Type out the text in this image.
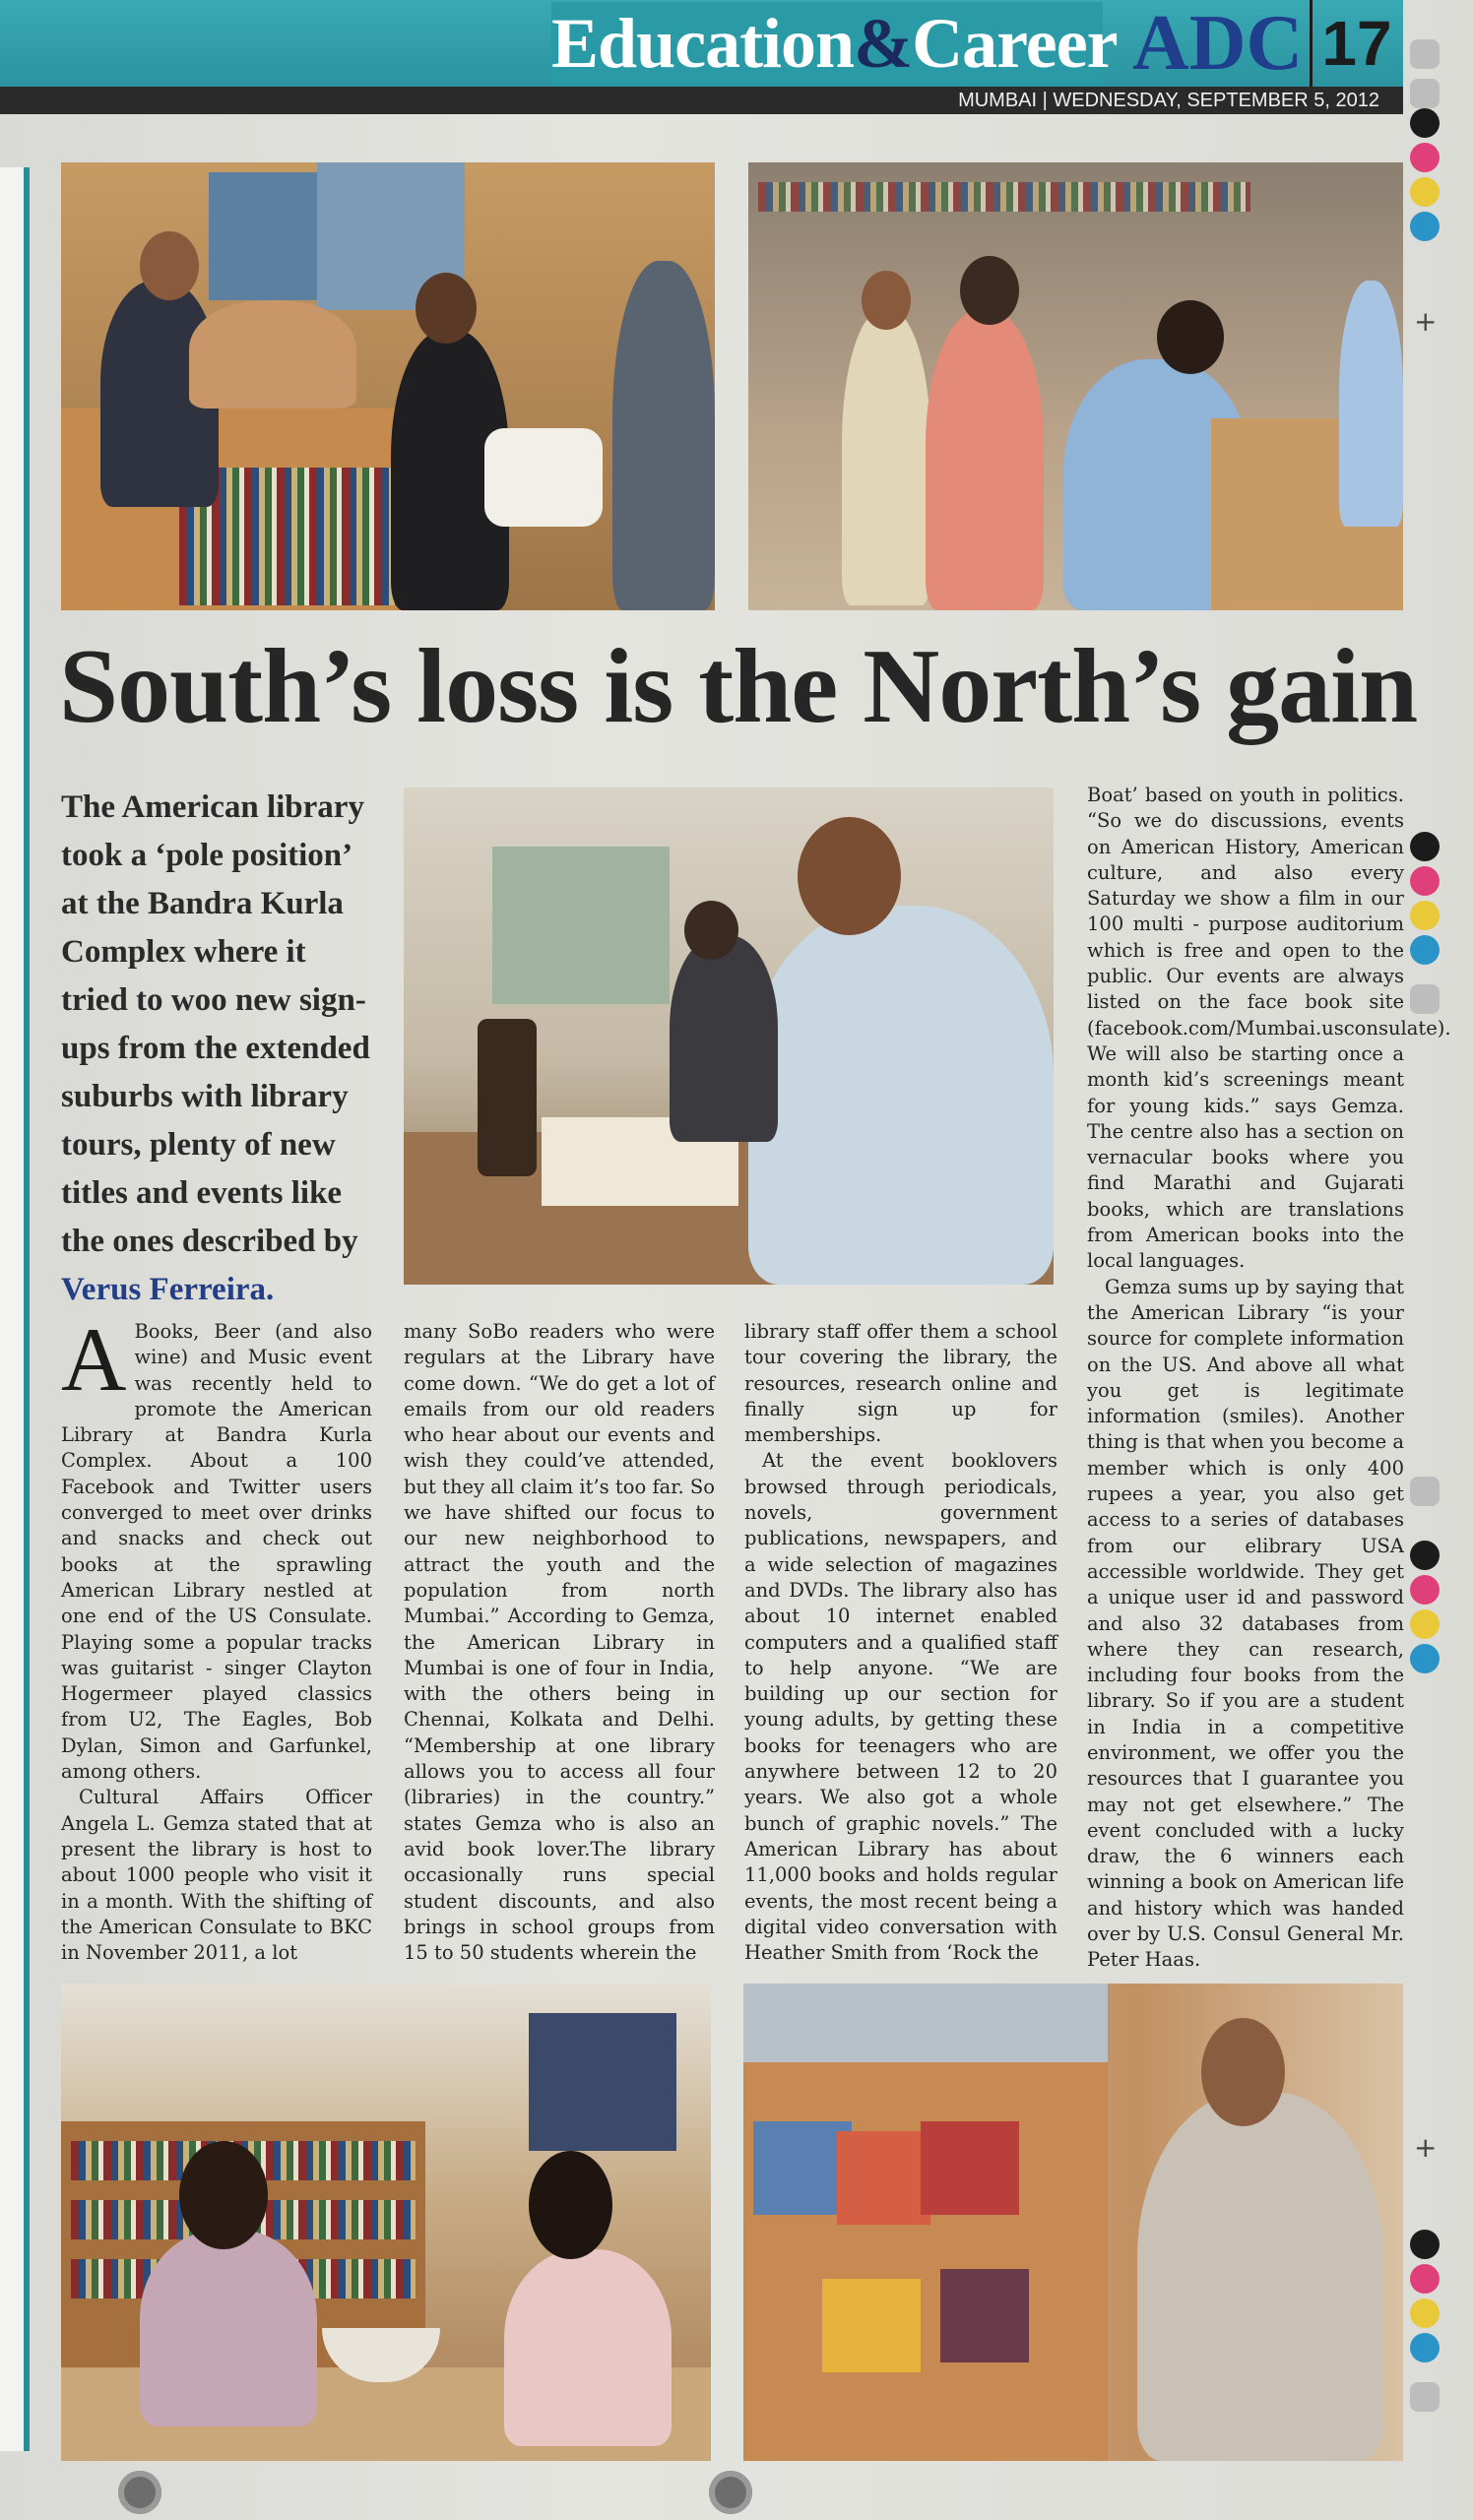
Education&Career ADC 17
MUMBAI | WEDNESDAY, SEPTEMBER 5, 2012
+
+
South’s loss is the North’s gain
The American library took a ‘pole position’ at the Bandra Kurla Complex where it tried to woo new sign-ups from the extended suburbs with library tours, plenty of new titles and events like the ones described by
Verus Ferreira.

A Books, Beer (and also wine) and Music event was recently held to promote the American Library at Bandra Kurla Complex. About a 100 Facebook and Twitter users converged to meet over drinks and snacks and check out books at the sprawling American Library nestled at one end of the US Consulate. Playing some a popular tracks was guitarist - singer Clayton Hogermeer played classics from U2, The Eagles, Bob Dylan, Simon and Garfunkel, among others.

Cultural Affairs Officer Angela L. Gemza stated that at present the library is host to about 1000 people who visit it in a month. With the shifting of the American Consulate to BKC in November 2011, a lot

many SoBo readers who were regulars at the Library have come down. “We do get a lot of emails from our old readers who hear about our events and wish they could’ve attended, but they all claim it’s too far. So we have shifted our focus to our new neighborhood to attract the youth and the population from north Mumbai.” According to Gemza, the American Library in Mumbai is one of four in India, with the others being in Chennai, Kolkata and Delhi. “Membership at one library allows you to access all four (libraries) in the country.” states Gemza who is also an avid book lover.The library occasionally runs special student discounts, and also brings in school groups from 15 to 50 students wherein the

library staff offer them a school tour covering the library, the resources, research online and finally sign up for memberships.

At the event booklovers browsed through periodicals, novels, government publications, newspapers, and a wide selection of magazines and DVDs. The library also has about 10 internet enabled computers and a qualified staff to help anyone. “We are building up our section for young adults, by getting these books for teenagers who are anywhere between 12 to 20 years. We also got a whole bunch of graphic novels.” The American Library has about 11,000 books and holds regular events, the most recent being a digital video conversation with Heather Smith from ‘Rock the

Boat’ based on youth in politics. “So we do discussions, events on American History, American culture, and also every Saturday we show a film in our 100 multi - purpose auditorium which is free and open to the public. Our events are always listed on the face book site (facebook.com/Mumbai.usconsulate). We will also be starting once a month kid’s screenings meant for young kids.” says Gemza. The centre also has a section on vernacular books where you find Marathi and Gujarati books, which are translations from American books into the local languages.

Gemza sums up by saying that the American Library “is your source for complete information on the US. And above all what you get is legitimate information (smiles). Another thing is that when you become a member which is only 400 rupees a year, you also get access to a series of databases from our elibrary USA accessible worldwide. They get a unique user id and password and also 32 databases from where they can research, including four books from the library. So if you are a student in India in a competitive environment, we offer you the resources that I guarantee you may not get elsewhere.” The event concluded with a lucky draw, the 6 winners each winning a book on American life and history which was handed over by U.S. Consul General Mr. Peter Haas.
